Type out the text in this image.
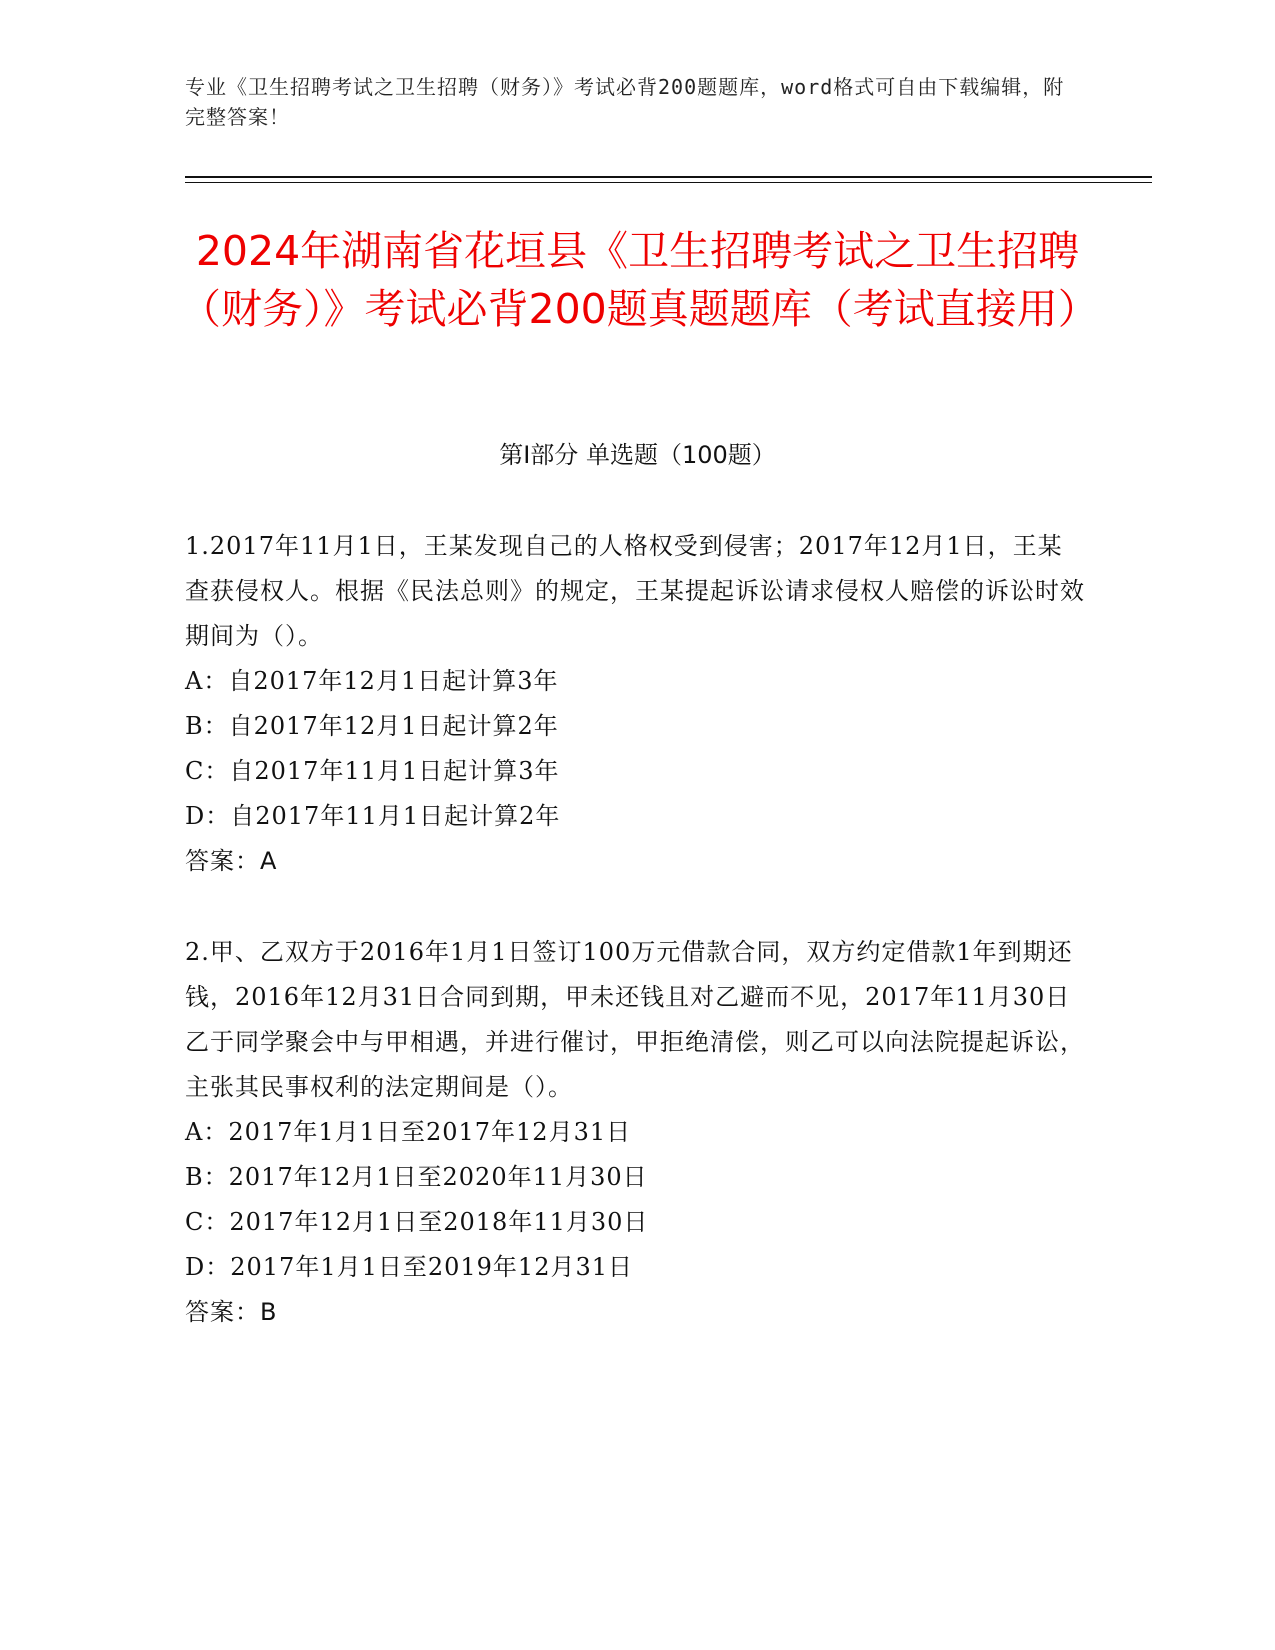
专业《卫生招聘考试之卫生招聘（财务）》考试必背200题题库，word格式可自由下载编辑，附完整答案！
2024年湖南省花垣县《卫生招聘考试之卫生招聘（财务）》考试必背200题真题题库（考试直接用）
第I部分 单选题（100题）

1.2017年11月1日，王某发现自己的人格权受到侵害；2017年12月1日，王某查获侵权人。根据《民法总则》的规定，王某提起诉讼请求侵权人赔偿的诉讼时效期间为（）。

A：自2017年12月1日起计算3年

B：自2017年12月1日起计算2年

C：自2017年11月1日起计算3年

D：自2017年11月1日起计算2年

答案：A

2.甲、乙双方于2016年1月1日签订100万元借款合同，双方约定借款1年到期还钱，2016年12月31日合同到期，甲未还钱且对乙避而不见，2017年11月30日乙于同学聚会中与甲相遇，并进行催讨，甲拒绝清偿，则乙可以向法院提起诉讼，主张其民事权利的法定期间是（）。

A：2017年1月1日至2017年12月31日

B：2017年12月1日至2020年11月30日

C：2017年12月1日至2018年11月30日

D：2017年1月1日至2019年12月31日

答案：B
